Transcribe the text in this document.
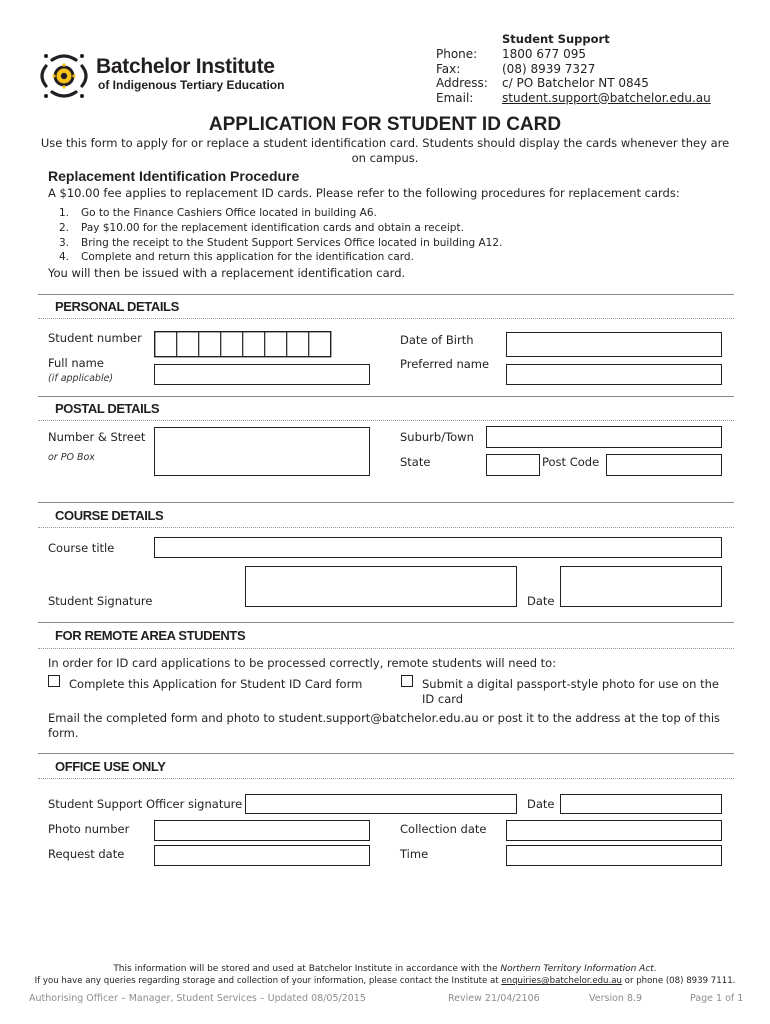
Batchelor Institute
of Indigenous Tertiary Education
Student Support
Phone: 1800 677 095
Fax:	(08) 8939 7327
Address: c/ PO Batchelor NT 0845
Email: student.support@batchelor.edu.au
APPLICATION FOR STUDENT ID CARD
Use this form to apply for or replace a student identification card. Students should display the cards whenever they are
on campus.
Replacement Identification Procedure
A $10.00 fee applies to replacement ID cards. Please refer to the following procedures for replacement cards:
1. Go to the Finance Cashiers Office located in building A6.
2. Pay $10.00 for the replacement identification cards and obtain a receipt.
3. Bring the receipt to the Student Support Services Office located in building A12.
4. Complete and return this application for the identification card.
You will then be issued with a replacement identification card.
PERSONAL DETAILS
Student number	Date of Birth
Full name
(if applicable)
Preferred name
POSTAL DETAILS
Number & Street
or PO Box
Suburb/Town
State	Post Code
COURSE DETAILS
Course title
Student Signature	Date
FOR REMOTE AREA STUDENTS
In order for ID card applications to be processed correctly, remote students will need to:
Complete this Application for Student ID Card form	Submit a digital passport-style photo for use on the
ID card
Email the completed form and photo to student.support@batchelor.edu.au or post it to the address at the top of this
form.
OFFICE USE ONLY
Student Support Officer signature	Date
Photo number	Collection date
Request date	Time
This information will be stored and used at Batchelor Institute in accordance with the Northern Territory Information Act.
If you have any queries regarding storage and collection of your information, please contact the Institute at enquiries@batchelor.edu.au or phone (08) 8939 7111.
Authorising Officer – Manager, Student Services – Updated 08/05/2015	Review 21/04/2106	Version 8.9	Page 1 of 1
